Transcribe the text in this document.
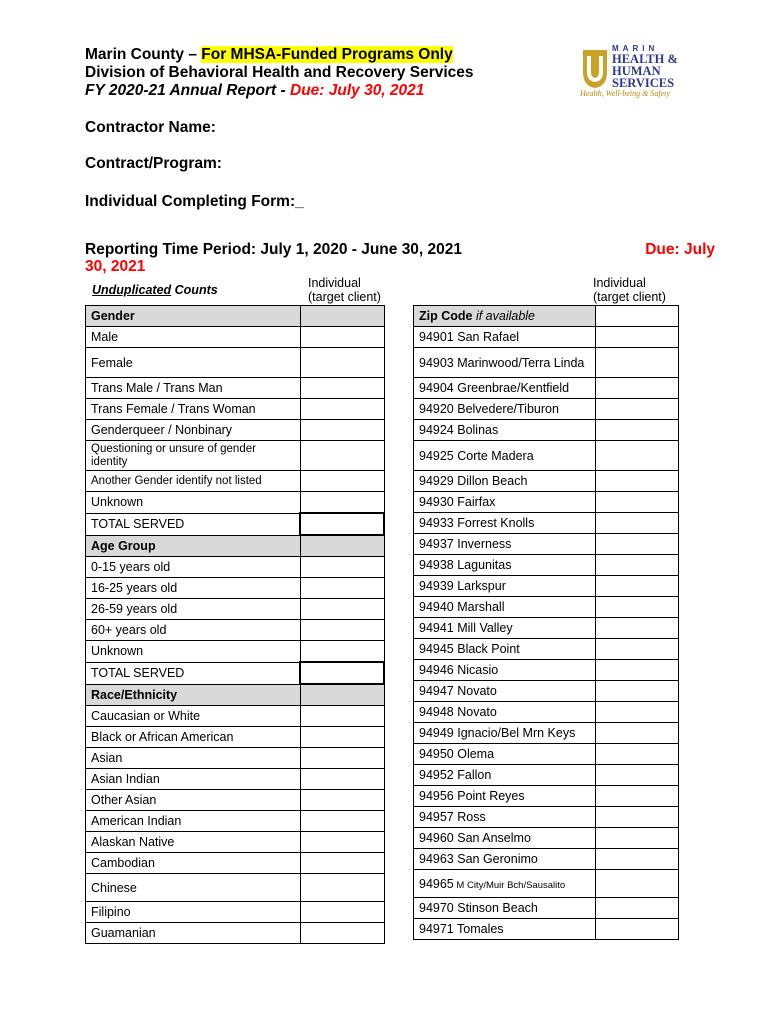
Marin County – For MHSA-Funded Programs Only
Division of Behavioral Health and Recovery Services
FY 2020-21 Annual Report - Due: July 30, 2021
MARIN
HEALTH &
HUMAN
SERVICES
Health, Well-being & Safety
Contractor Name:
Contract/Program:
Individual Completing Form:_
Reporting Time Period: July 1, 2020 - June 30, 2021
30, 2021
Due: July
Unduplicated Counts	Individual
(target client)
Individual
(target client)
Gender	
Male	
Female	
Trans Male / Trans Man	
Trans Female / Trans Woman	
Genderqueer / Nonbinary	
Questioning or unsure of gender identity	
Another Gender identify not listed	
Unknown	
TOTAL SERVED	
Age Group	
0-15 years old	
16-25 years old	
26-59 years old	
60+ years old	
Unknown	
TOTAL SERVED	
Race/Ethnicity	
Caucasian or White	
Black or African American	
Asian	
Asian Indian	
Other Asian	
American Indian	
Alaskan Native	
Cambodian	
Chinese	
Filipino	
Guamanian	
Zip Code if available	
94901 San Rafael	
94903 Marinwood/Terra Linda	
94904 Greenbrae/Kentfield	
94920 Belvedere/Tiburon	
94924 Bolinas	
94925 Corte Madera	
94929 Dillon Beach	
94930 Fairfax	
94933 Forrest Knolls	
94937 Inverness	
94938 Lagunitas	
94939 Larkspur	
94940 Marshall	
94941 Mill Valley	
94945 Black Point	
94946 Nicasio	
94947 Novato	
94948 Novato	
94949 Ignacio/Bel Mrn Keys	
94950 Olema	
94952 Fallon	
94956 Point Reyes	
94957 Ross	
94960 San Anselmo	
94963 San Geronimo	
94965 M City/Muir Bch/Sausalito	
94970 Stinson Beach	
94971 Tomales	
